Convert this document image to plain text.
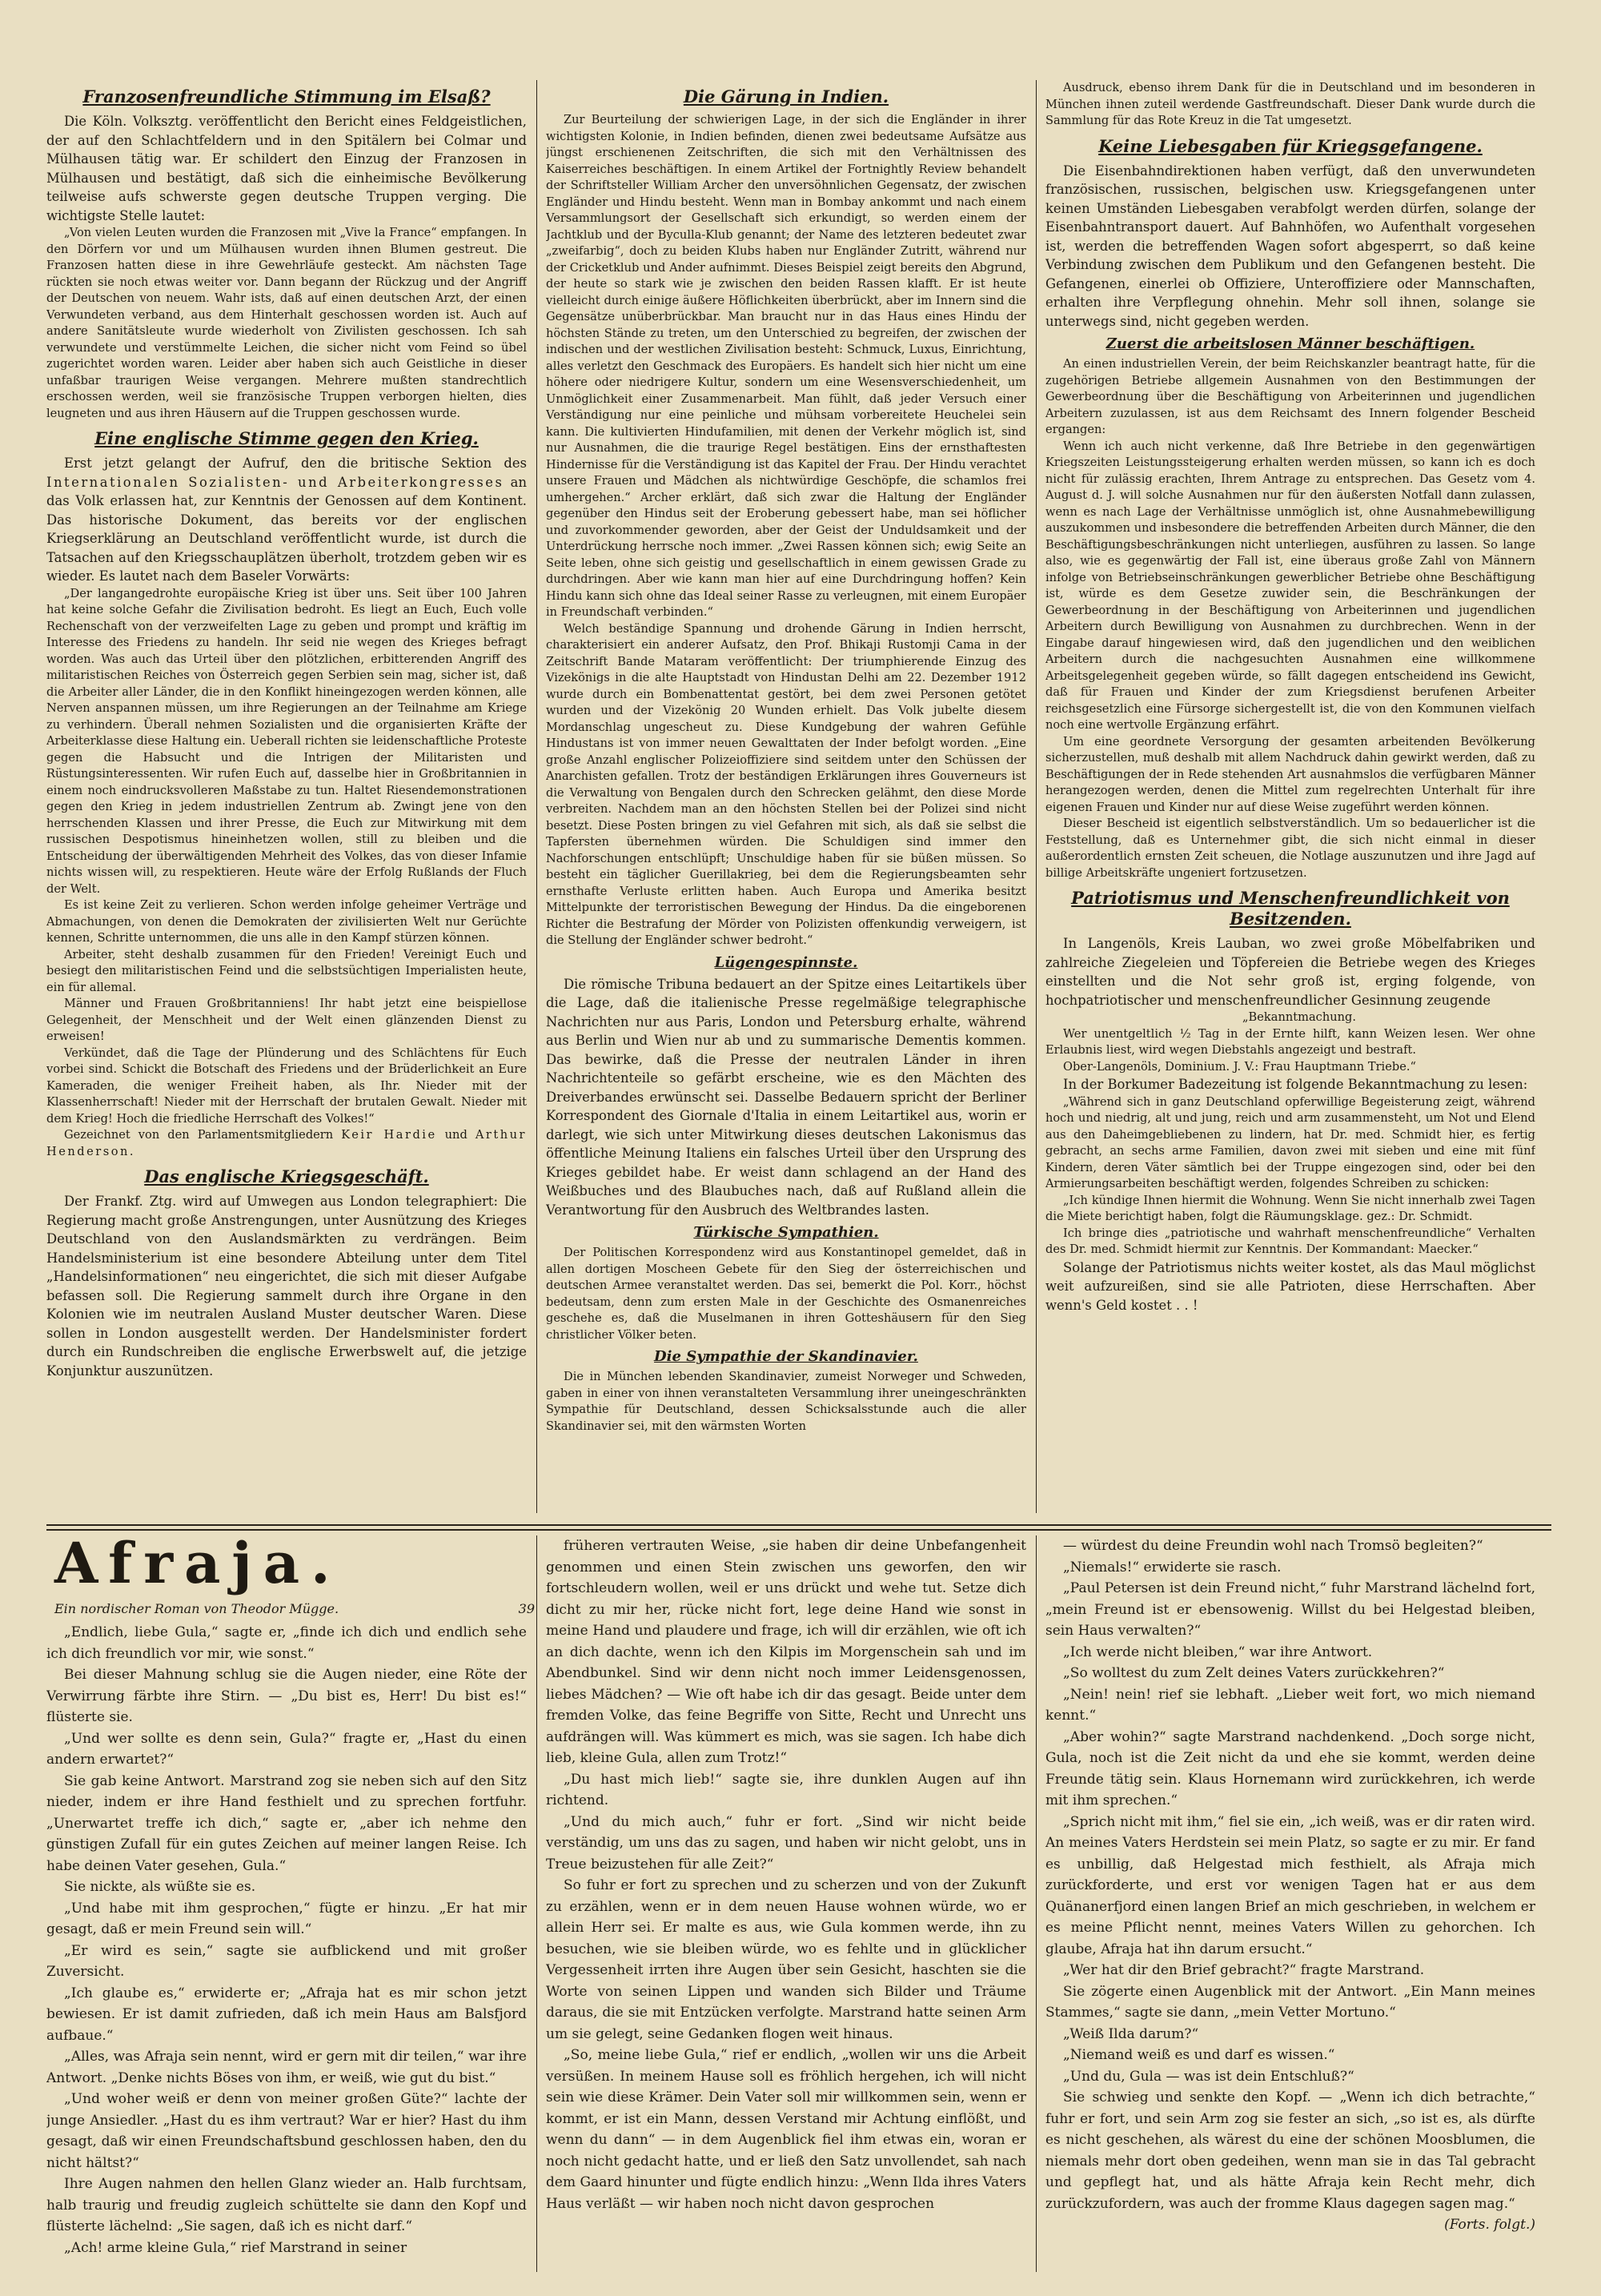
Franzosenfreundliche Stimmung im Elsaß?

Die Köln. Volksztg. veröffentlicht den Bericht eines Feldgeistlichen, der auf den Schlachtfeldern und in den Spitälern bei Colmar und Mülhausen tätig war. Er schildert den Einzug der Franzosen in Mülhausen und bestätigt, daß sich die einheimische Bevölkerung teilweise aufs schwerste gegen deutsche Truppen verging. Die wichtigste Stelle lautet:

„Von vielen Leuten wurden die Franzosen mit „Vive la France“ empfangen. In den Dörfern vor und um Mülhausen wurden ihnen Blumen gestreut. Die Franzosen hatten diese in ihre Gewehrläufe gesteckt. Am nächsten Tage rückten sie noch etwas weiter vor. Dann begann der Rückzug und der Angriff der Deutschen von neuem. Wahr ists, daß auf einen deutschen Arzt, der einen Verwundeten verband, aus dem Hinterhalt geschossen worden ist. Auch auf andere Sanitätsleute wurde wiederholt von Zivilisten geschossen. Ich sah verwundete und verstümmelte Leichen, die sicher nicht vom Feind so übel zugerichtet worden waren. Leider aber haben sich auch Geistliche in dieser unfaßbar traurigen Weise vergangen. Mehrere mußten standrechtlich erschossen werden, weil sie französische Truppen verborgen hielten, dies leugneten und aus ihren Häusern auf die Truppen geschossen wurde.

Eine englische Stimme gegen den Krieg.

Erst jetzt gelangt der Aufruf, den die britische Sektion des Internationalen Sozialisten- und Arbeiterkongresses an das Volk erlassen hat, zur Kenntnis der Genossen auf dem Kontinent. Das historische Dokument, das bereits vor der englischen Kriegserklärung an Deutschland veröffentlicht wurde, ist durch die Tatsachen auf den Kriegsschauplätzen überholt, trotzdem geben wir es wieder. Es lautet nach dem Baseler Vorwärts:

„Der langangedrohte europäische Krieg ist über uns. Seit über 100 Jahren hat keine solche Gefahr die Zivilisation bedroht. Es liegt an Euch, Euch volle Rechenschaft von der verzweifelten Lage zu geben und prompt und kräftig im Interesse des Friedens zu handeln. Ihr seid nie wegen des Krieges befragt worden. Was auch das Urteil über den plötzlichen, erbitterenden Angriff des militaristischen Reiches von Österreich gegen Serbien sein mag, sicher ist, daß die Arbeiter aller Länder, die in den Konflikt hineingezogen werden können, alle Nerven anspannen müssen, um ihre Regierungen an der Teilnahme am Kriege zu verhindern. Überall nehmen Sozialisten und die organisierten Kräfte der Arbeiterklasse diese Haltung ein. Ueberall richten sie leidenschaftliche Proteste gegen die Habsucht und die Intrigen der Militaristen und Rüstungsinteressenten. Wir rufen Euch auf, dasselbe hier in Großbritannien in einem noch eindrucksvolleren Maßstabe zu tun. Haltet Riesendemonstrationen gegen den Krieg in jedem industriellen Zentrum ab. Zwingt jene von den herrschenden Klassen und ihrer Presse, die Euch zur Mitwirkung mit dem russischen Despotismus hineinhetzen wollen, still zu bleiben und die Entscheidung der überwältigenden Mehrheit des Volkes, das von dieser Infamie nichts wissen will, zu respektieren. Heute wäre der Erfolg Rußlands der Fluch der Welt.

Es ist keine Zeit zu verlieren. Schon werden infolge geheimer Verträge und Abmachungen, von denen die Demokraten der zivilisierten Welt nur Gerüchte kennen, Schritte unternommen, die uns alle in den Kampf stürzen können.

Arbeiter, steht deshalb zusammen für den Frieden! Vereinigt Euch und besiegt den militaristischen Feind und die selbstsüchtigen Imperialisten heute, ein für allemal.

Männer und Frauen Großbritanniens! Ihr habt jetzt eine beispiellose Gelegenheit, der Menschheit und der Welt einen glänzenden Dienst zu erweisen!

Verkündet, daß die Tage der Plünderung und des Schlächtens für Euch vorbei sind. Schickt die Botschaft des Friedens und der Brüderlichkeit an Eure Kameraden, die weniger Freiheit haben, als Ihr. Nieder mit der Klassenherrschaft! Nieder mit der Herrschaft der brutalen Gewalt. Nieder mit dem Krieg! Hoch die friedliche Herrschaft des Volkes!“

Gezeichnet von den Parlamentsmitgliedern Keir Hardie und Arthur Henderson.

Das englische Kriegsgeschäft.

Der Frankf. Ztg. wird auf Umwegen aus London telegraphiert: Die Regierung macht große Anstrengungen, unter Ausnützung des Krieges Deutschland von den Auslandsmärkten zu verdrängen. Beim Handelsministerium ist eine besondere Abteilung unter dem Titel „Handelsinformationen“ neu eingerichtet, die sich mit dieser Aufgabe befassen soll. Die Regierung sammelt durch ihre Organe in den Kolonien wie im neutralen Ausland Muster deutscher Waren. Diese sollen in London ausgestellt werden. Der Handelsminister fordert durch ein Rundschreiben die englische Erwerbswelt auf, die jetzige Konjunktur auszunützen.

Die Gärung in Indien.

Zur Beurteilung der schwierigen Lage, in der sich die Engländer in ihrer wichtigsten Kolonie, in Indien befinden, dienen zwei bedeutsame Aufsätze aus jüngst erschienenen Zeitschriften, die sich mit den Verhältnissen des Kaiserreiches beschäftigen. In einem Artikel der Fortnightly Review behandelt der Schriftsteller William Archer den unversöhnlichen Gegensatz, der zwischen Engländer und Hindu besteht. Wenn man in Bombay ankommt und nach einem Versammlungsort der Gesellschaft sich erkundigt, so werden einem der Jachtklub und der Byculla-Klub genannt; der Name des letzteren bedeutet zwar „zweifarbig“, doch zu beiden Klubs haben nur Engländer Zutritt, während nur der Cricketklub und Ander aufnimmt. Dieses Beispiel zeigt bereits den Abgrund, der heute so stark wie je zwischen den beiden Rassen klafft. Er ist heute vielleicht durch einige äußere Höflichkeiten überbrückt, aber im Innern sind die Gegensätze unüberbrückbar. Man braucht nur in das Haus eines Hindu der höchsten Stände zu treten, um den Unterschied zu begreifen, der zwischen der indischen und der westlichen Zivilisation besteht: Schmuck, Luxus, Einrichtung, alles verletzt den Geschmack des Europäers. Es handelt sich hier nicht um eine höhere oder niedrigere Kultur, sondern um eine Wesensverschiedenheit, um Unmöglichkeit einer Zusammenarbeit. Man fühlt, daß jeder Versuch einer Verständigung nur eine peinliche und mühsam vorbereitete Heuchelei sein kann. Die kultivierten Hindufamilien, mit denen der Verkehr möglich ist, sind nur Ausnahmen, die die traurige Regel bestätigen. Eins der ernsthaftesten Hindernisse für die Verständigung ist das Kapitel der Frau. Der Hindu verachtet unsere Frauen und Mädchen als nichtwürdige Geschöpfe, die schamlos frei umhergehen.“ Archer erklärt, daß sich zwar die Haltung der Engländer gegenüber den Hindus seit der Eroberung gebessert habe, man sei höflicher und zuvorkommender geworden, aber der Geist der Unduldsamkeit und der Unterdrückung herrsche noch immer. „Zwei Rassen können sich; ewig Seite an Seite leben, ohne sich geistig und gesellschaftlich in einem gewissen Grade zu durchdringen. Aber wie kann man hier auf eine Durchdringung hoffen? Kein Hindu kann sich ohne das Ideal seiner Rasse zu verleugnen, mit einem Europäer in Freundschaft verbinden.“

Welch beständige Spannung und drohende Gärung in Indien herrscht, charakterisiert ein anderer Aufsatz, den Prof. Bhikaji Rustomji Cama in der Zeitschrift Bande Mataram veröffentlicht: Der triumphierende Einzug des Vizekönigs in die alte Hauptstadt von Hindustan Delhi am 22. Dezember 1912 wurde durch ein Bombenattentat gestört, bei dem zwei Personen getötet wurden und der Vizekönig 20 Wunden erhielt. Das Volk jubelte diesem Mordanschlag ungescheut zu. Diese Kundgebung der wahren Gefühle Hindustans ist von immer neuen Gewalttaten der Inder befolgt worden. „Eine große Anzahl englischer Polizeioffiziere sind seitdem unter den Schüssen der Anarchisten gefallen. Trotz der beständigen Erklärungen ihres Gouverneurs ist die Verwaltung von Bengalen durch den Schrecken gelähmt, den diese Morde verbreiten. Nachdem man an den höchsten Stellen bei der Polizei sind nicht besetzt. Diese Posten bringen zu viel Gefahren mit sich, als daß sie selbst die Tapfersten übernehmen würden. Die Schuldigen sind immer den Nachforschungen entschlüpft; Unschuldige haben für sie büßen müssen. So besteht ein täglicher Guerillakrieg, bei dem die Regierungsbeamten sehr ernsthafte Verluste erlitten haben. Auch Europa und Amerika besitzt Mittelpunkte der terroristischen Bewegung der Hindus. Da die eingeborenen Richter die Bestrafung der Mörder von Polizisten offenkundig verweigern, ist die Stellung der Engländer schwer bedroht.“

Lügengespinnste.

Die römische Tribuna bedauert an der Spitze eines Leitartikels über die Lage, daß die italienische Presse regelmäßige telegraphische Nachrichten nur aus Paris, London und Petersburg erhalte, während aus Berlin und Wien nur ab und zu summarische Dementis kommen. Das bewirke, daß die Presse der neutralen Länder in ihren Nachrichtenteile so gefärbt erscheine, wie es den Mächten des Dreiverbandes erwünscht sei. Dasselbe Bedauern spricht der Berliner Korrespondent des Giornale d'Italia in einem Leitartikel aus, worin er darlegt, wie sich unter Mitwirkung dieses deutschen Lakonismus das öffentliche Meinung Italiens ein falsches Urteil über den Ursprung des Krieges gebildet habe. Er weist dann schlagend an der Hand des Weißbuches und des Blaubuches nach, daß auf Rußland allein die Verantwortung für den Ausbruch des Weltbrandes lasten.

Türkische Sympathien.

Der Politischen Korrespondenz wird aus Konstantinopel gemeldet, daß in allen dortigen Moscheen Gebete für den Sieg der österreichischen und deutschen Armee veranstaltet werden. Das sei, bemerkt die Pol. Korr., höchst bedeutsam, denn zum ersten Male in der Geschichte des Osmanenreiches geschehe es, daß die Muselmanen in ihren Gotteshäusern für den Sieg christlicher Völker beten.

Die Sympathie der Skandinavier.

Die in München lebenden Skandinavier, zumeist Norweger und Schweden, gaben in einer von ihnen veranstalteten Versammlung ihrer uneingeschränkten Sympathie für Deutschland, dessen Schicksalsstunde auch die aller Skandinavier sei, mit den wärmsten Worten

Ausdruck, ebenso ihrem Dank für die in Deutschland und im besonderen in München ihnen zuteil werdende Gastfreundschaft. Dieser Dank wurde durch die Sammlung für das Rote Kreuz in die Tat umgesetzt.

Keine Liebesgaben für Kriegsgefangene.

Die Eisenbahndirektionen haben verfügt, daß den unverwundeten französischen, russischen, belgischen usw. Kriegsgefangenen unter keinen Umständen Liebesgaben verabfolgt werden dürfen, solange der Eisenbahntransport dauert. Auf Bahnhöfen, wo Aufenthalt vorgesehen ist, werden die betreffenden Wagen sofort abgesperrt, so daß keine Verbindung zwischen dem Publikum und den Gefangenen besteht. Die Gefangenen, einerlei ob Offiziere, Unteroffiziere oder Mannschaften, erhalten ihre Verpflegung ohnehin. Mehr soll ihnen, solange sie unterwegs sind, nicht gegeben werden.

Zuerst die arbeitslosen Männer beschäftigen.

An einen industriellen Verein, der beim Reichskanzler beantragt hatte, für die zugehörigen Betriebe allgemein Ausnahmen von den Bestimmungen der Gewerbeordnung über die Beschäftigung von Arbeiterinnen und jugendlichen Arbeitern zuzulassen, ist aus dem Reichsamt des Innern folgender Bescheid ergangen:

Wenn ich auch nicht verkenne, daß Ihre Betriebe in den gegenwärtigen Kriegszeiten Leistungssteigerung erhalten werden müssen, so kann ich es doch nicht für zulässig erachten, Ihrem Antrage zu entsprechen. Das Gesetz vom 4. August d. J. will solche Ausnahmen nur für den äußersten Notfall dann zulassen, wenn es nach Lage der Verhältnisse unmöglich ist, ohne Ausnahmebewilligung auszukommen und insbesondere die betreffenden Arbeiten durch Männer, die den Beschäftigungsbeschränkungen nicht unterliegen, ausführen zu lassen. So lange also, wie es gegenwärtig der Fall ist, eine überaus große Zahl von Männern infolge von Betriebseinschränkungen gewerblicher Betriebe ohne Beschäftigung ist, würde es dem Gesetze zuwider sein, die Beschränkungen der Gewerbeordnung in der Beschäftigung von Arbeiterinnen und jugendlichen Arbeitern durch Bewilligung von Ausnahmen zu durchbrechen. Wenn in der Eingabe darauf hingewiesen wird, daß den jugendlichen und den weiblichen Arbeitern durch die nachgesuchten Ausnahmen eine willkommene Arbeitsgelegenheit gegeben würde, so fällt dagegen entscheidend ins Gewicht, daß für Frauen und Kinder der zum Kriegsdienst berufenen Arbeiter reichsgesetzlich eine Fürsorge sichergestellt ist, die von den Kommunen vielfach noch eine wertvolle Ergänzung erfährt.

Um eine geordnete Versorgung der gesamten arbeitenden Bevölkerung sicherzustellen, muß deshalb mit allem Nachdruck dahin gewirkt werden, daß zu Beschäftigungen der in Rede stehenden Art ausnahmslos die verfügbaren Männer herangezogen werden, denen die Mittel zum regelrechten Unterhalt für ihre eigenen Frauen und Kinder nur auf diese Weise zugeführt werden können.

Dieser Bescheid ist eigentlich selbstverständlich. Um so bedauerlicher ist die Feststellung, daß es Unternehmer gibt, die sich nicht einmal in dieser außerordentlich ernsten Zeit scheuen, die Notlage auszunutzen und ihre Jagd auf billige Arbeitskräfte ungeniert fortzusetzen.

Patriotismus und Menschenfreundlichkeit von Besitzenden.

In Langenöls, Kreis Lauban, wo zwei große Möbelfabriken und zahlreiche Ziegeleien und Töpfereien die Betriebe wegen des Krieges einstellten und die Not sehr groß ist, erging folgende, von hochpatriotischer und menschenfreundlicher Gesinnung zeugende

„Bekanntmachung.

Wer unentgeltlich ½ Tag in der Ernte hilft, kann Weizen lesen. Wer ohne Erlaubnis liest, wird wegen Diebstahls angezeigt und bestraft.

Ober-Langenöls, Dominium. J. V.: Frau Hauptmann Triebe.“

In der Borkumer Badezeitung ist folgende Bekanntmachung zu lesen:

„Während sich in ganz Deutschland opferwillige Begeisterung zeigt, während hoch und niedrig, alt und jung, reich und arm zusammensteht, um Not und Elend aus den Daheimgebliebenen zu lindern, hat Dr. med. Schmidt hier, es fertig gebracht, an sechs arme Familien, davon zwei mit sieben und eine mit fünf Kindern, deren Väter sämtlich bei der Truppe eingezogen sind, oder bei den Armierungsarbeiten beschäftigt werden, folgendes Schreiben zu schicken:

„Ich kündige Ihnen hiermit die Wohnung. Wenn Sie nicht innerhalb zwei Tagen die Miete berichtigt haben, folgt die Räumungsklage. gez.: Dr. Schmidt.

Ich bringe dies „patriotische und wahrhaft menschenfreundliche“ Verhalten des Dr. med. Schmidt hiermit zur Kenntnis. Der Kommandant: Maecker.“

Solange der Patriotismus nichts weiter kostet, als das Maul möglichst weit aufzureißen, sind sie alle Patrioten, diese Herrschaften. Aber wenn's Geld kostet . . !

Afraja.
Ein nordischer Roman von Theodor Mügge.	39

„Endlich, liebe Gula,“ sagte er, „finde ich dich und endlich sehe ich dich freundlich vor mir, wie sonst.“

Bei dieser Mahnung schlug sie die Augen nieder, eine Röte der Verwirrung färbte ihre Stirn. — „Du bist es, Herr! Du bist es!“ flüsterte sie.

„Und wer sollte es denn sein, Gula?“ fragte er, „Hast du einen andern erwartet?“

Sie gab keine Antwort. Marstrand zog sie neben sich auf den Sitz nieder, indem er ihre Hand festhielt und zu sprechen fortfuhr. „Unerwartet treffe ich dich,“ sagte er, „aber ich nehme den günstigen Zufall für ein gutes Zeichen auf meiner langen Reise. Ich habe deinen Vater gesehen, Gula.“

Sie nickte, als wüßte sie es.

„Und habe mit ihm gesprochen,“ fügte er hinzu. „Er hat mir gesagt, daß er mein Freund sein will.“

„Er wird es sein,“ sagte sie aufblickend und mit großer Zuversicht.

„Ich glaube es,“ erwiderte er; „Afraja hat es mir schon jetzt bewiesen. Er ist damit zufrieden, daß ich mein Haus am Balsfjord aufbaue.“

„Alles, was Afraja sein nennt, wird er gern mit dir teilen,“ war ihre Antwort. „Denke nichts Böses von ihm, er weiß, wie gut du bist.“

„Und woher weiß er denn von meiner großen Güte?“ lachte der junge Ansiedler. „Hast du es ihm vertraut? War er hier? Hast du ihm gesagt, daß wir einen Freundschaftsbund geschlossen haben, den du nicht hältst?“

Ihre Augen nahmen den hellen Glanz wieder an. Halb furchtsam, halb traurig und freudig zugleich schüttelte sie dann den Kopf und flüsterte lächelnd: „Sie sagen, daß ich es nicht darf.“

„Ach! arme kleine Gula,“ rief Marstrand in seiner

früheren vertrauten Weise, „sie haben dir deine Unbefangenheit genommen und einen Stein zwischen uns geworfen, den wir fortschleudern wollen, weil er uns drückt und wehe tut. Setze dich dicht zu mir her, rücke nicht fort, lege deine Hand wie sonst in meine Hand und plaudere und frage, ich will dir erzählen, wie oft ich an dich dachte, wenn ich den Kilpis im Morgenschein sah und im Abendbunkel. Sind wir denn nicht noch immer Leidensgenossen, liebes Mädchen? — Wie oft habe ich dir das gesagt. Beide unter dem fremden Volke, das feine Begriffe von Sitte, Recht und Unrecht uns aufdrängen will. Was kümmert es mich, was sie sagen. Ich habe dich lieb, kleine Gula, allen zum Trotz!“

„Du hast mich lieb!“ sagte sie, ihre dunklen Augen auf ihn richtend.

„Und du mich auch,“ fuhr er fort. „Sind wir nicht beide verständig, um uns das zu sagen, und haben wir nicht gelobt, uns in Treue beizustehen für alle Zeit?“

So fuhr er fort zu sprechen und zu scherzen und von der Zukunft zu erzählen, wenn er in dem neuen Hause wohnen würde, wo er allein Herr sei. Er malte es aus, wie Gula kommen werde, ihn zu besuchen, wie sie bleiben würde, wo es fehlte und in glücklicher Vergessenheit irrten ihre Augen über sein Gesicht, haschten sie die Worte von seinen Lippen und wanden sich Bilder und Träume daraus, die sie mit Entzücken verfolgte. Marstrand hatte seinen Arm um sie gelegt, seine Gedanken flogen weit hinaus.

„So, meine liebe Gula,“ rief er endlich, „wollen wir uns die Arbeit versüßen. In meinem Hause soll es fröhlich hergehen, ich will nicht sein wie diese Krämer. Dein Vater soll mir willkommen sein, wenn er kommt, er ist ein Mann, dessen Verstand mir Achtung einflößt, und wenn du dann“ — in dem Augenblick fiel ihm etwas ein, woran er noch nicht gedacht hatte, und er ließ den Satz unvollendet, sah nach dem Gaard hinunter und fügte endlich hinzu: „Wenn Ilda ihres Vaters Haus verläßt — wir haben noch nicht davon gesprochen

— würdest du deine Freundin wohl nach Tromsö begleiten?“

„Niemals!“ erwiderte sie rasch.

„Paul Petersen ist dein Freund nicht,“ fuhr Marstrand lächelnd fort, „mein Freund ist er ebensowenig. Willst du bei Helgestad bleiben, sein Haus verwalten?“

„Ich werde nicht bleiben,“ war ihre Antwort.

„So wolltest du zum Zelt deines Vaters zurückkehren?“

„Nein! nein! rief sie lebhaft. „Lieber weit fort, wo mich niemand kennt.“

„Aber wohin?“ sagte Marstrand nachdenkend. „Doch sorge nicht, Gula, noch ist die Zeit nicht da und ehe sie kommt, werden deine Freunde tätig sein. Klaus Hornemann wird zurückkehren, ich werde mit ihm sprechen.“

„Sprich nicht mit ihm,“ fiel sie ein, „ich weiß, was er dir raten wird. An meines Vaters Herdstein sei mein Platz, so sagte er zu mir. Er fand es unbillig, daß Helgestad mich festhielt, als Afraja mich zurückforderte, und erst vor wenigen Tagen hat er aus dem Quänanerfjord einen langen Brief an mich geschrieben, in welchem er es meine Pflicht nennt, meines Vaters Willen zu gehorchen. Ich glaube, Afraja hat ihn darum ersucht.“

„Wer hat dir den Brief gebracht?“ fragte Marstrand.

Sie zögerte einen Augenblick mit der Antwort. „Ein Mann meines Stammes,“ sagte sie dann, „mein Vetter Mortuno.“

„Weiß Ilda darum?“

„Niemand weiß es und darf es wissen.“

„Und du, Gula — was ist dein Entschluß?“

Sie schwieg und senkte den Kopf. — „Wenn ich dich betrachte,“ fuhr er fort, und sein Arm zog sie fester an sich, „so ist es, als dürfte es nicht geschehen, als wärest du eine der schönen Moosblumen, die niemals mehr dort oben gedeihen, wenn man sie in das Tal gebracht und gepflegt hat, und als hätte Afraja kein Recht mehr, dich zurückzufordern, was auch der fromme Klaus dagegen sagen mag.“

(Forts. folgt.)
